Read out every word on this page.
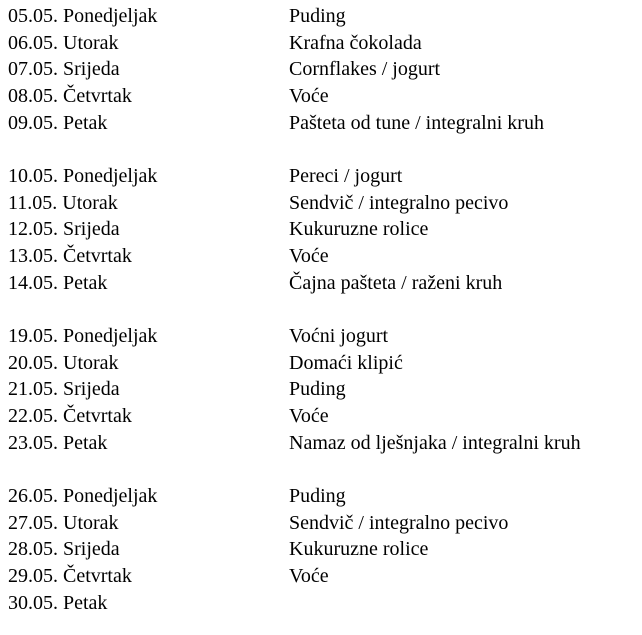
05.05. Ponedjeljak	Puding
06.05. Utorak	Krafna čokolada
07.05. Srijeda	Cornflakes / jogurt
08.05. Četvrtak	Voće
09.05. Petak	Pašteta od tune / integralni kruh
10.05. Ponedjeljak	Pereci / jogurt
11.05. Utorak	Sendvič / integralno pecivo
12.05. Srijeda	Kukuruzne rolice
13.05. Četvrtak	Voće
14.05. Petak	Čajna pašteta / raženi kruh
19.05. Ponedjeljak	Voćni jogurt
20.05. Utorak	Domaći klipić
21.05. Srijeda	Puding
22.05. Četvrtak	Voće
23.05. Petak	Namaz od lješnjaka / integralni kruh
26.05. Ponedjeljak	Puding
27.05. Utorak	Sendvič / integralno pecivo
28.05. Srijeda	Kukuruzne rolice
29.05. Četvrtak	Voće
30.05. Petak
